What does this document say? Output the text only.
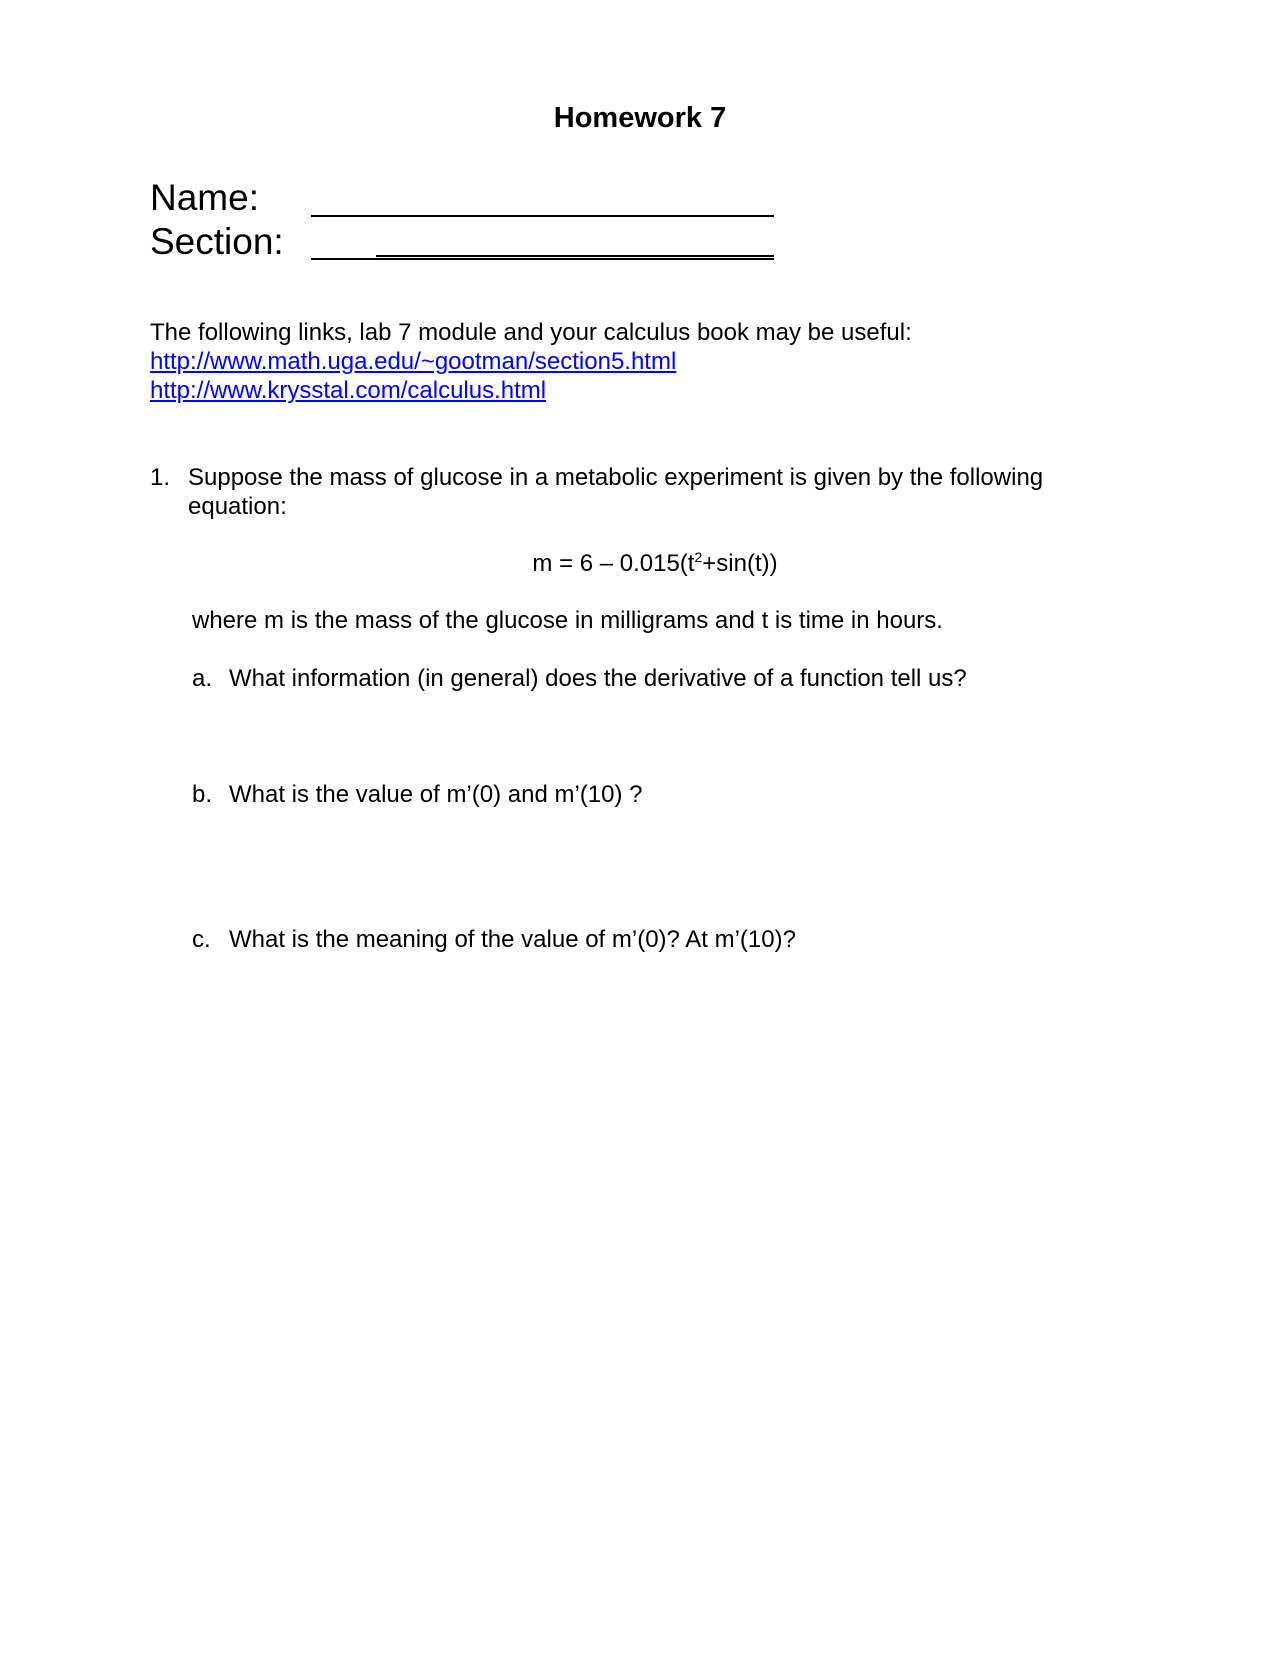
Homework 7
Name:
Section:
The following links, lab 7 module and your calculus book may be useful:
http://www.math.uga.edu/~gootman/section5.html
http://www.krysstal.com/calculus.html
1. Suppose the mass of glucose in a metabolic experiment is given by the following equation:
$m = 6 - 0.015(t^2+\sin(t))$
where m is the mass of the glucose in milligrams and t is time in hours.
a. What information (in general) does the derivative of a function tell us?
b. What is the value of m’(0) and m’(10) ?
c. What is the meaning of the value of m’(0)? At m’(10)?
